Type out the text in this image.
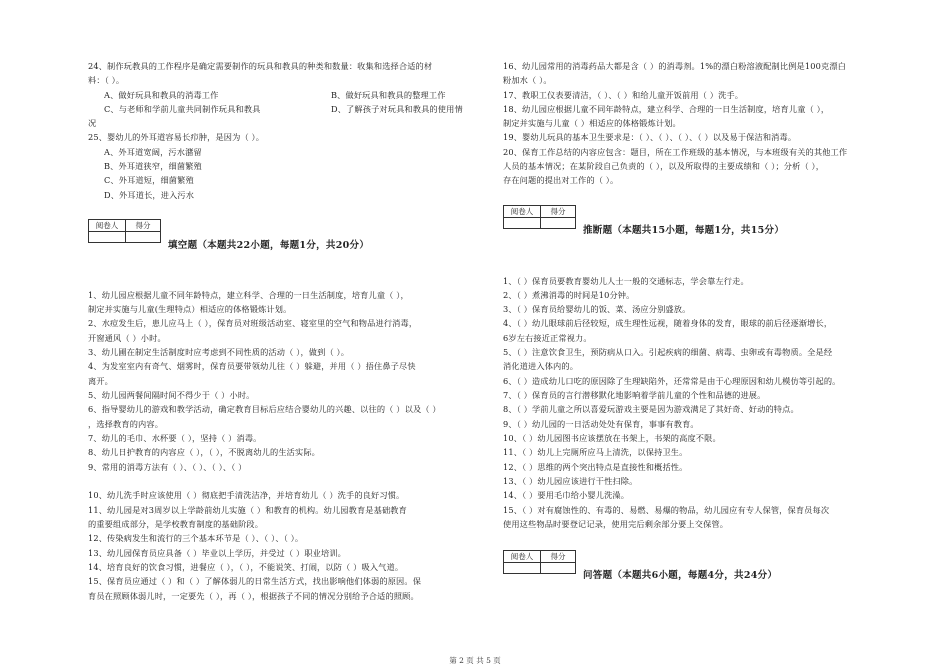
24、制作玩教具的工作程序是确定需要制作的玩具和教具的种类和数量：收集和选择合适的材
料：（ ）。
A、做好玩具和教具的消毒工作	B、做好玩具和教具的整理工作
C、与老师和学前儿童共同制作玩具和教具	D、了解孩子对玩具和教具的使用情
况
25、婴幼儿的外耳道容易长疖肿，是因为（ ）。
A、外耳道宽阔，污水潴留
B、外耳道狭窄，细菌繁殖
C、外耳道短，细菌繁殖
D、外耳道长，进入污水
阅卷人	得分

填空题（本题共22小题，每题1分，共20分）
1、幼儿园应根据儿童不同年龄特点，建立科学、合理的一日生活制度，培育儿童（ ），
制定并实施与儿童(生理特点）相适应的体格锻炼计划。
2、水痘发生后，患儿应马上（ ），保育员对班级活动室、寝室里的空气和物品进行消毒，
开窗通风（ ）小时。
3、幼儿圃在制定生活制度时应考虑到不同性质的活动（ ），做到（ ）。
4、为发室室内有奇气、烟雾时，保育员要带领幼儿往（ ）躲避，并用（ ）捂住鼻子尽快
离开。
5、幼儿园两餐间隔时间不得少于（ ）小时。
6、指导婴幼儿的游戏和教学活动，确定教育目标后应结合婴幼儿的兴趣、以往的（ ）以及（ ）
，选择教育的内容。
7、幼儿的毛巾、水杯要（ ），坚持（ ）消毒。
8、幼儿日护教育的内容应（ ），（ ），不脱离幼儿的生活实际。
9、常用的消毒方法有（ ）、（ ）、（ ）、（ ）
10、幼儿洗手时应该使用（ ）彻底把手清洗洁净，并培育幼儿（ ）洗手的良好习惯。
11、幼儿园是对3周岁以上学龄前幼儿实施（ ）和教育的机构。幼儿园教育是基础教育
的重要组成部分，是学校教育制度的基础阶段。
12、传染病发生和流行的三个基本环节是（ ）、（ ）、（ ）。
13、幼儿园保育员应具备（ ）毕业以上学历，并受过（ ）职业培训。
14、培育良好的饮食习惯，进餐应（ ），（ ），不能说笑、打闹，以防（ ）吸入气道。
15、保育员应通过（ ）和（ ）了解体弱儿的日常生活方式，找出影响他们体弱的原因。保
育员在照顾体弱儿时，一定要先（ ），再（ ），根据孩子不同的情况分别给予合适的照顾。
16、幼儿园常用的消毒药品大都是含（ ）的消毒剂。1%的漂白粉溶液配制比例是100克漂白
粉加水（ ）。
17、教职工仪表要清洁，（ ）、（ ）和给儿童开饭前用（ ）洗手。
18、幼儿园应根据儿童不同年龄特点，建立科学、合理的一日生活制度，培育儿童（ ），
制定并实施与儿童（ ）相适应的体格锻炼计划。
19、婴幼儿玩具的基本卫生要求是：（ ）、（ ）、（ ）、（ ）以及易于保洁和消毒。
20、保育工作总结的内容应包含：题目，所在工作班级的基本情况，与本班级有关的其他工作
人员的基本情况；在某阶段自己负责的（ ），以及所取得的主要成绩和（ ）；分析（ ），
存在问题的提出对工作的（ ）。
阅卷人	得分

推断题（本题共15小题，每题1分，共15分）
1、（ ）保育员要教育婴幼儿人士一般的交通标志，学会靠左行走。
2、（ ）煮沸消毒的时间是10分钟。
3、（ ）保育员给婴幼儿的饭、菜、汤应分别盛放。
4、（ ）幼儿眼球前后径较短，成生理性远视，随着身体的发育，眼球的前后径逐渐增长，
6岁左右接近正常视力。
5、（ ）注意饮食卫生，预防病从口入。引起疾病的细菌、病毒、虫卵或有毒物质。全是经
消化道进入体内的。
6、（ ）造成幼儿口吃的原因除了生理缺陷外，还常常是由于心理原因和幼儿模仿等引起的。
7、（ ）保育员的言行潜移默化地影响着学前儿童的个性和品德的进展。
8、（ ）学前儿童之所以喜爱玩游戏主要是因为游戏满足了其好奇、好动的特点。
9、（ ）幼儿园的一日活动处处有保育，事事有教育。
10、（ ）幼儿园图书应该摆放在书架上，书架的高度不限。
11、（ ）幼儿上完厕所应马上清洗，以保持卫生。
12、（ ）思维的两个突出特点是直接性和概括性。
13、（ ）幼儿园应该进行干性扫除。
14、（ ）要用毛巾给小婴儿洗澡。
15、（ ）对有腐蚀性的、有毒的、易燃、易爆的物品，幼儿园应有专人保管，保育员每次
使用这些物品时要登记记录，使用完后剩余部分要上交保管。
阅卷人	得分

问答题（本题共6小题，每题4分，共24分）
第 2 页 共 5 页
